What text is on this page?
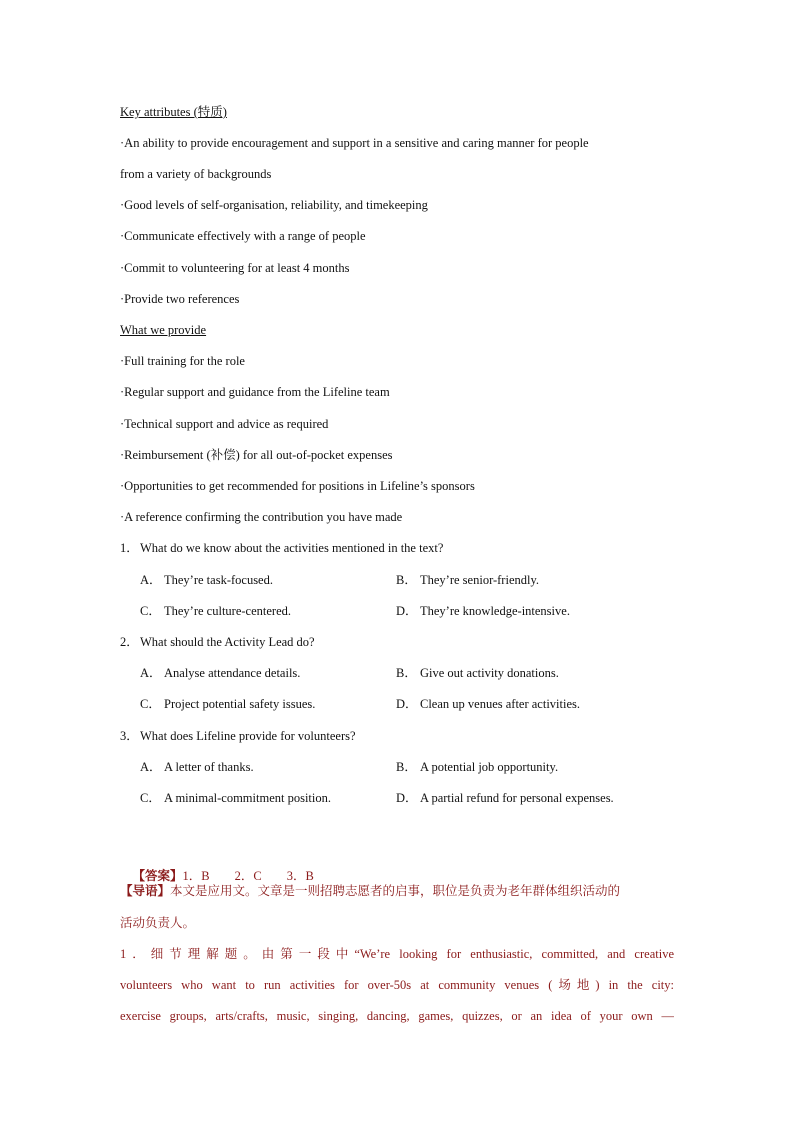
Key attributes (特质)
·An ability to provide encouragement and support in a sensitive and caring manner for people
from a variety of backgrounds
·Good levels of self-organisation, reliability, and timekeeping
·Communicate effectively with a range of people
·Commit to volunteering for at least 4 months
·Provide two references
What we provide
·Full training for the role
·Regular support and guidance from the Lifeline team
·Technical support and advice as required
·Reimbursement (补偿) for all out-of-pocket expenses
·Opportunities to get recommended for positions in Lifeline’s sponsors
·A reference confirming the contribution you have made
1．What do we know about the activities mentioned in the text?
A． They’re task-focused.	B． They’re senior-friendly.
C． They’re culture-centered.	D． They’re knowledge-intensive.
2．What should the Activity Lead do?
A． Analyse attendance details.	B． Give out activity donations.
C． Project potential safety issues.	D． Clean up venues after activities.
3．What does Lifeline provide for volunteers?
A． A letter of thanks.	B． A potential job opportunity.
C． A minimal-commitment position.	D． A partial refund for personal expenses.

【答案】1．B        2．C        3．B

【导语】本文是应用文。文章是一则招聘志愿者的启事，职位是负责为老年群体组织活动的
活动负责人。
1．细节理解题。由第一段中“We’re looking for enthusiastic, committed, and creative
volunteers who want to run activities for over-50s at community venues (场地) in the city:
exercise groups, arts/crafts, music, singing, dancing, games, quizzes, or an idea of your own —
